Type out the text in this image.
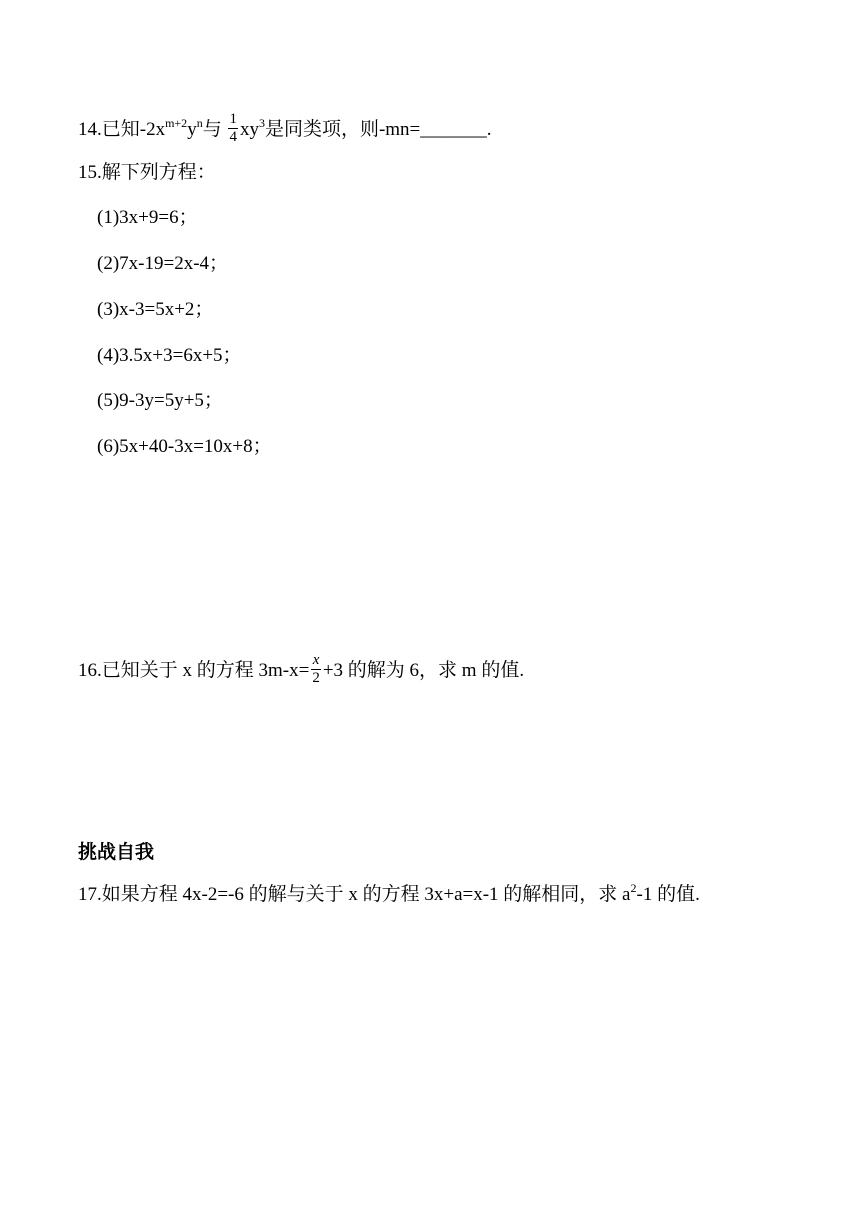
14.已知$-2x^{m+2}y^n$与 $\frac{1}{4} xy^3$是同类项，则-mn=_______.
15.解下列方程：
(1)3x+9=6；
(2)7x-19=2x-4；
(3)x-3=5x+2；
(4)3.5x+3=6x+5；
(5)9-3y=5y+5；
(6)5x+40-3x=10x+8；
16.已知关于 x 的方程 $3m-x= \frac{x}{2} +3$ 的解为 6，求 m 的值.
挑战自我
17.如果方程 4x-2=-6 的解与关于 x 的方程 3x+a=x-1 的解相同，求 $a^2-1$ 的值.
